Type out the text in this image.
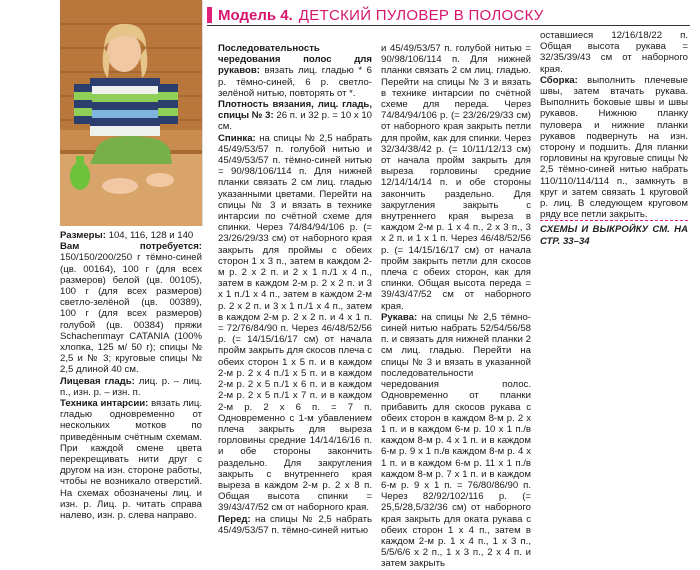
Модель 4. ДЕТСКИЙ ПУЛОВЕР В ПОЛОСКУ

Размеры: 104, 116, 128 и 140

Вам потребуется: 150/150/200/250 г тёмно-синей (цв. 00164), 100 г (для всех размеров) белой (цв. 00105), 100 г (для всех размеров) светло-зелёной (цв. 00389), 100 г (для всех размеров) голубой (цв. 00384) пряжи Schachenmayr CATANIA (100% хлопка, 125 м/ 50 г); спицы № 2,5 и № 3; круговые спицы № 2,5 длиной 40 см.

Лицевая гладь: лиц. р. – лиц. п., изн. р. – изн. п.

Техника интарсии: вязать лиц. гладью одновременно от нескольких мотков по приведённым счётным схемам. При каждой смене цвета перекрещивать нити друг с другом на изн. стороне работы, чтобы не возникало отверстий. На схемах обозначены лиц. и изн. р. Лиц. р. читать справа налево, изн. р. слева направо.

Последовательность чередования полос для рукавов: вязать лиц. гладью * 6 р. тёмно-синей, 6 р. светло-зелёной нитью, повторять от *.

Плотность вязания, лиц. гладь, спицы № 3: 26 п. и 32 р. = 10 х 10 см.

Спинка: на спицы № 2,5 набрать 45/49/53/57 п. голубой нитью и 45/49/53/57 п. тёмно-синей нитью = 90/98/106/114 п. Для нижней планки связать 2 см лиц. гладью указанными цветами. Перейти на спицы № 3 и вязать в технике интарсии по счётной схеме для спинки. Через 74/84/94/106 р. (= 23/26/29/33 см) от наборного края закрыть для проймы с обеих сторон 1 х 3 п., затем в каждом 2-м р. 2 х 2 п. и 2 х 1 п./1 х 4 п., затем в каждом 2-м р. 2 х 2 п. и 3 х 1 п./1 х 4 п., затем в каждом 2-м р. 2 х 2 п. и 3 х 1 п./1 х 4 п., затем в каждом 2-м р. 2 х 2 п. и 4 х 1 п. = 72/76/84/90 п. Через 46/48/52/56 р. (= 14/15/16/17 см) от начала пройм закрыть для скосов плеча с обеих сторон 1 х 5 п. и в каждом 2-м р. 2 х 4 п./1 х 5 п. и в каждом 2-м р. 2 х 5 п./1 х 6 п. и в каждом 2-м р. 2 х 5 п./1 х 7 п. и в каждом 2-м р. 2 х 6 п. = 7 п. Одновременно с 1-м убавлением плеча закрыть для выреза горловины средние 14/14/16/16 п. и обе стороны закончить раздельно. Для закругления закрыть с внутреннего края выреза в каждом 2-м р. 2 х 8 п. Общая высота спинки = 39/43/47/52 см от наборного края.

Перед: на спицы № 2,5 набрать 45/49/53/57 п. тёмно-синей нитью

и 45/49/53/57 п. голубой нитью = 90/98/106/114 п. Для нижней планки связать 2 см лиц. гладью. Перейти на спицы № 3 и вязать в технике интарсии по счётной схеме для переда. Через 74/84/94/106 р. (= 23/26/29/33 см) от наборного края закрыть петли для пройм, как для спинки. Через 32/34/38/42 р. (= 10/11/12/13 см) от начала пройм закрыть для выреза горловины средние 12/14/14/14 п. и обе стороны закончить раздельно. Для закругления закрыть с внутреннего края выреза в каждом 2-м р. 1 х 4 п., 2 х 3 п., 3 х 2 п. и 1 х 1 п. Через 46/48/52/56 р. (= 14/15/16/17 см) от начала пройм закрыть петли для скосов плеча с обеих сторон, как для спинки. Общая высота переда = 39/43/47/52 см от наборного края.

Рукава: на спицы № 2,5 тёмно-синей нитью набрать 52/54/56/58 п. и связать для нижней планки 2 см лиц. гладью. Перейти на спицы № 3 и вязать в указанной последовательности чередования полос. Одновременно от планки прибавить для скосов рукава с обеих сторон в каждом 8-м р. 2 х 1 п. и в каждом 6-м р. 10 х 1 п./в каждом 8-м р. 4 х 1 п. и в каждом 6-м р. 9 х 1 п./в каждом 8-м р. 4 х 1 п. и в каждом 6-м р. 11 х 1 п./в каждом 8-м р. 7 х 1 п. и в каждом 6-м р. 9 х 1 п. = 76/80/86/90 п. Через 82/92/102/116 р. (= 25,5/28,5/32/36 см) от наборного края закрыть для оката рукава с обеих сторон 1 х 4 п., затем в каждом 2-м р. 1 х 4 п., 1 х 3 п., 5/5/6/6 х 2 п., 1 х 3 п., 2 х 4 п. и затем закрыть

оставшиеся 12/16/18/22 п. Общая высота рукава = 32/35/39/43 см от наборного края.

Сборка: выполнить плечевые швы, затем втачать рукава. Выполнить боковые швы и швы рукавов. Нижнюю планку пуловера и нижние планки рукавов подвернуть на изн. сторону и подшить. Для планки горловины на круговые спицы № 2,5 тёмно-синей нитью набрать 110/110/114/114 п., замкнуть в круг и затем связать 1 круговой р. лиц. В следующем круговом ряду все петли закрыть.

СХЕМЫ И ВЫКРОЙКУ СМ. НА СТР. 33–34
